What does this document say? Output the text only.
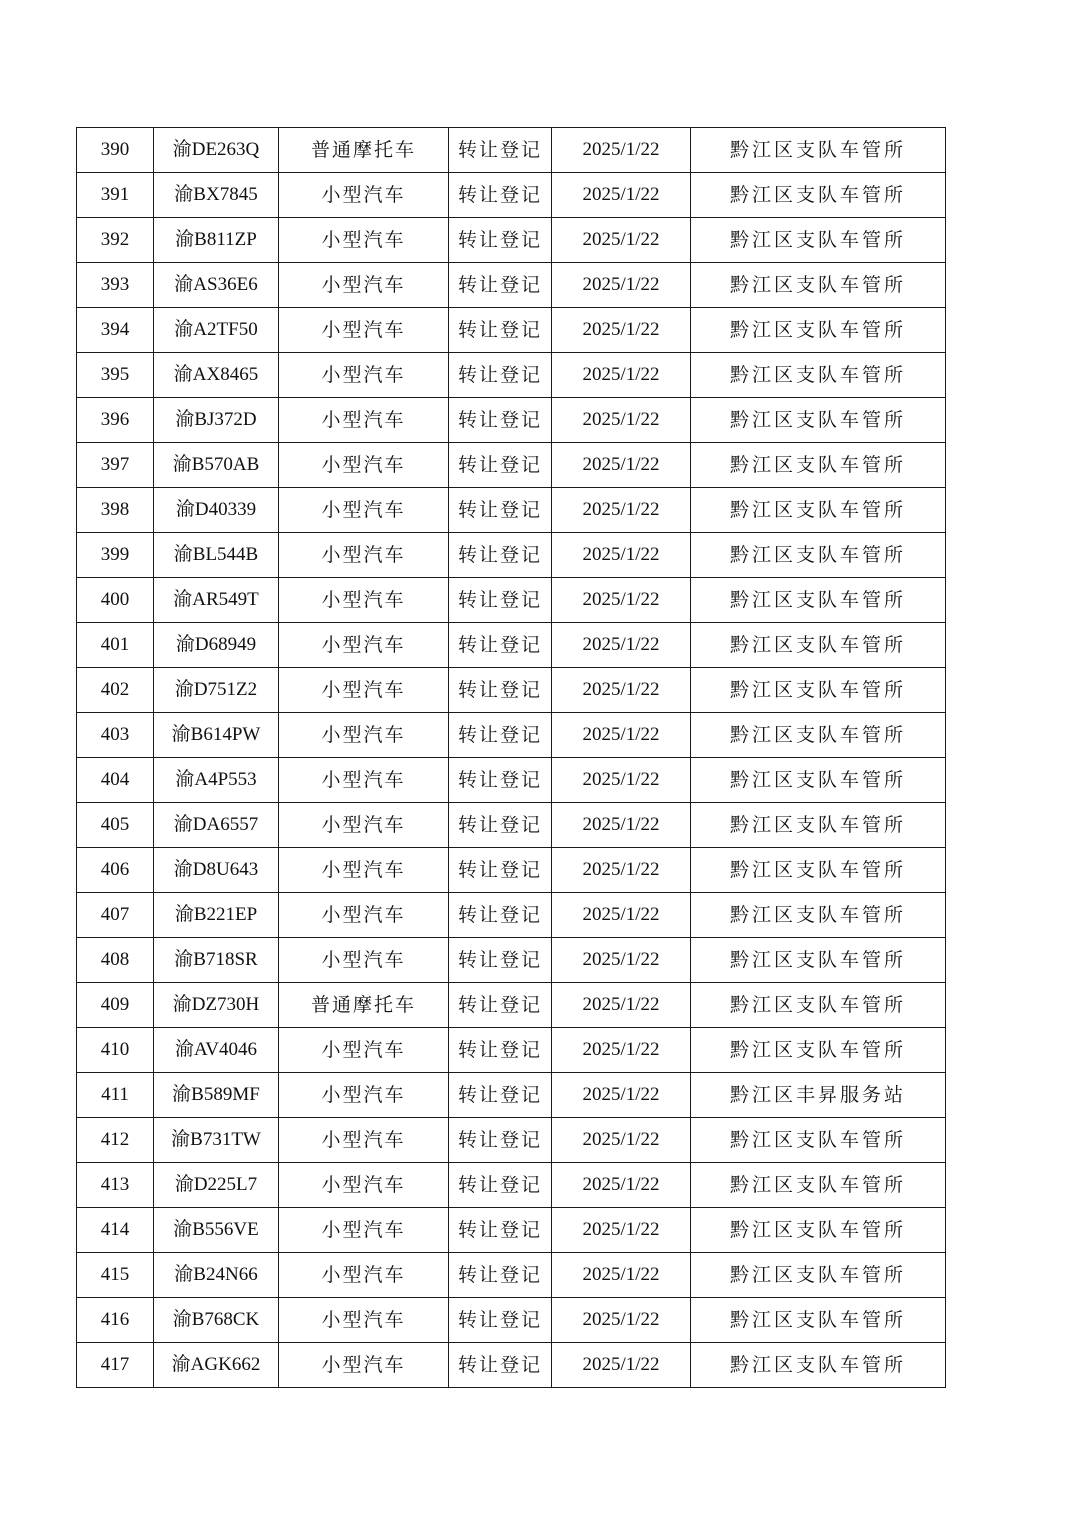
390	渝DE263Q	普通摩托车	转让登记	2025/1/22	黔江区支队车管所
391	渝BX7845	小型汽车	转让登记	2025/1/22	黔江区支队车管所
392	渝B811ZP	小型汽车	转让登记	2025/1/22	黔江区支队车管所
393	渝AS36E6	小型汽车	转让登记	2025/1/22	黔江区支队车管所
394	渝A2TF50	小型汽车	转让登记	2025/1/22	黔江区支队车管所
395	渝AX8465	小型汽车	转让登记	2025/1/22	黔江区支队车管所
396	渝BJ372D	小型汽车	转让登记	2025/1/22	黔江区支队车管所
397	渝B570AB	小型汽车	转让登记	2025/1/22	黔江区支队车管所
398	渝D40339	小型汽车	转让登记	2025/1/22	黔江区支队车管所
399	渝BL544B	小型汽车	转让登记	2025/1/22	黔江区支队车管所
400	渝AR549T	小型汽车	转让登记	2025/1/22	黔江区支队车管所
401	渝D68949	小型汽车	转让登记	2025/1/22	黔江区支队车管所
402	渝D751Z2	小型汽车	转让登记	2025/1/22	黔江区支队车管所
403	渝B614PW	小型汽车	转让登记	2025/1/22	黔江区支队车管所
404	渝A4P553	小型汽车	转让登记	2025/1/22	黔江区支队车管所
405	渝DA6557	小型汽车	转让登记	2025/1/22	黔江区支队车管所
406	渝D8U643	小型汽车	转让登记	2025/1/22	黔江区支队车管所
407	渝B221EP	小型汽车	转让登记	2025/1/22	黔江区支队车管所
408	渝B718SR	小型汽车	转让登记	2025/1/22	黔江区支队车管所
409	渝DZ730H	普通摩托车	转让登记	2025/1/22	黔江区支队车管所
410	渝AV4046	小型汽车	转让登记	2025/1/22	黔江区支队车管所
411	渝B589MF	小型汽车	转让登记	2025/1/22	黔江区丰昇服务站
412	渝B731TW	小型汽车	转让登记	2025/1/22	黔江区支队车管所
413	渝D225L7	小型汽车	转让登记	2025/1/22	黔江区支队车管所
414	渝B556VE	小型汽车	转让登记	2025/1/22	黔江区支队车管所
415	渝B24N66	小型汽车	转让登记	2025/1/22	黔江区支队车管所
416	渝B768CK	小型汽车	转让登记	2025/1/22	黔江区支队车管所
417	渝AGK662	小型汽车	转让登记	2025/1/22	黔江区支队车管所
